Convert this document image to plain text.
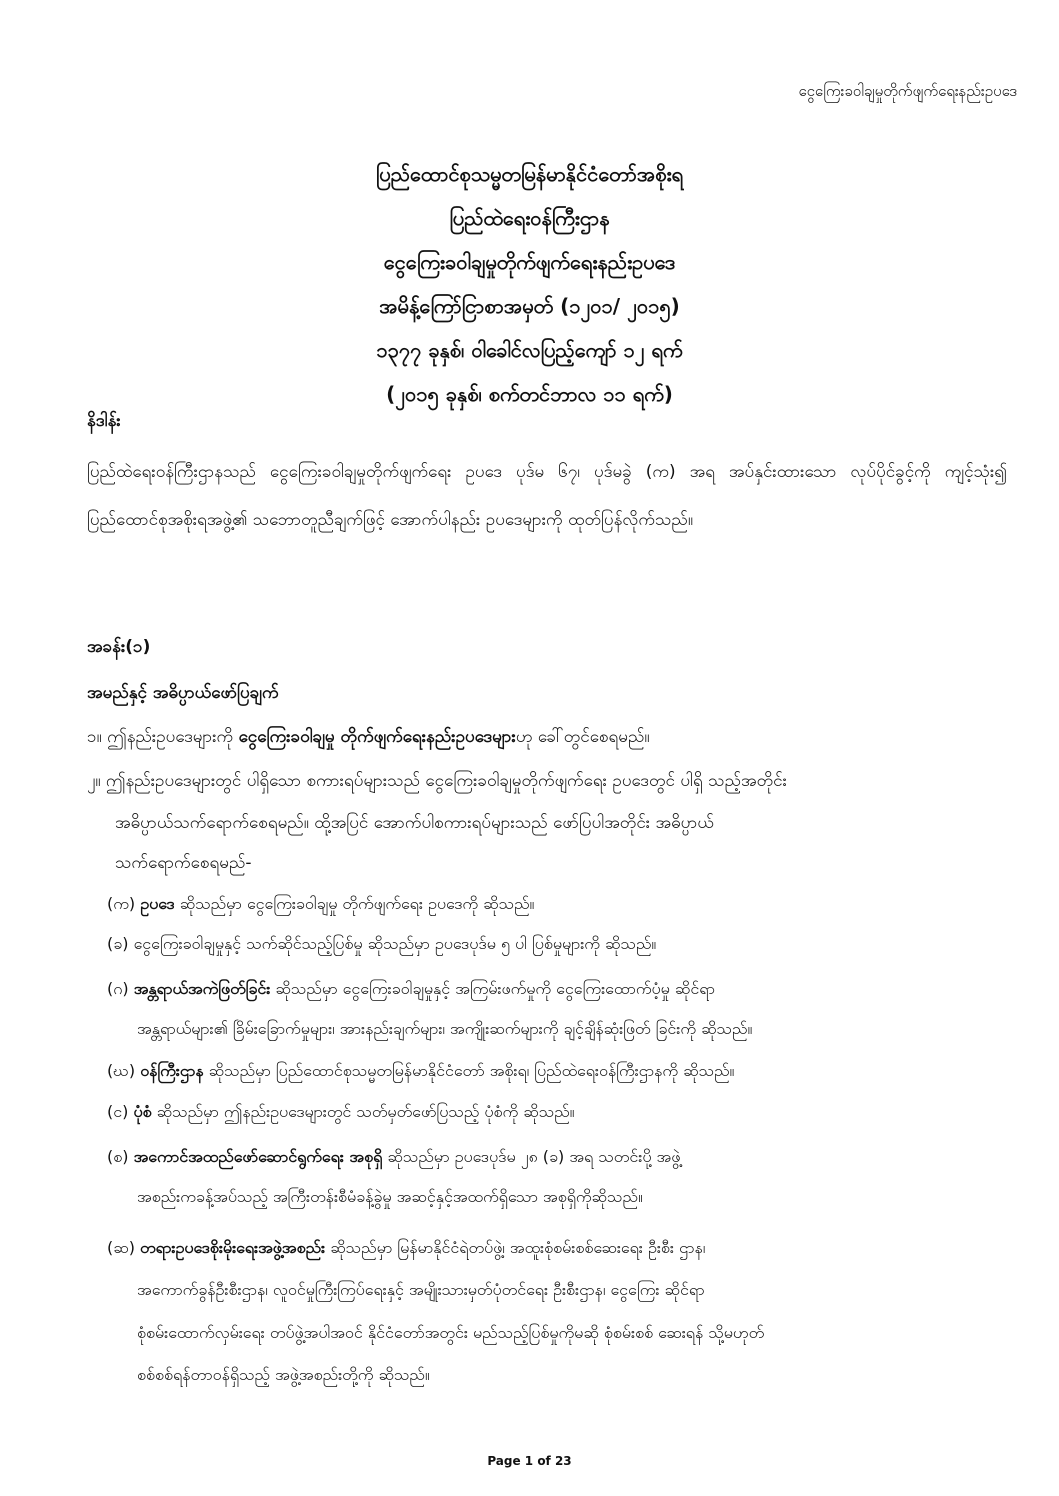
ငွေကြေးခဝါချမှုတိုက်ဖျက်ရေးနည်းဥပဒေ
ပြည်ထောင်စုသမ္မတမြန်မာနိုင်ငံတော်အစိုးရ
ပြည်ထဲရေးဝန်ကြီးဌာန
ငွေကြေးခဝါချမှုတိုက်ဖျက်ရေးနည်းဥပဒေ
အမိန့်ကြော်ငြာစာအမှတ် (၁၂၀၁/ ၂၀၁၅)
၁၃၇၇ ခုနှစ်၊ ဝါခေါင်လပြည့်ကျော် ၁၂ ရက်
(၂၀၁၅ ခုနှစ်၊ စက်တင်ဘာလ ၁၁ ရက်)
နိဒါန်း
ပြည်ထဲရေးဝန်ကြီးဌာနသည် ငွေကြေးခဝါချမှုတိုက်ဖျက်ရေး ဥပဒေ ပုဒ်မ ၆၇၊ ပုဒ်မခွဲ (က) အရ အပ်နှင်းထားသော လုပ်ပိုင်ခွင့်ကို ကျင့်သုံး၍ ပြည်ထောင်စုအစိုးရအဖွဲ့၏ သဘောတူညီချက်ဖြင့် အောက်ပါနည်း ဥပဒေများကို ထုတ်ပြန်လိုက်သည်။
အခန်း(၁)
အမည်နှင့် အဓိပ္ပာယ်ဖော်ပြချက်
၁။ ဤနည်းဥပဒေများကို ငွေကြေးခဝါချမှု တိုက်ဖျက်ရေးနည်းဥပဒေများဟု ခေါ်တွင်စေရမည်။
၂။ ဤနည်းဥပဒေများတွင် ပါရှိသော စကားရပ်များသည် ငွေကြေးခဝါချမှုတိုက်ဖျက်ရေး ဥပဒေတွင် ပါရှိ သည့်အတိုင်း
အဓိပ္ပာယ်သက်ရောက်စေရမည်။ ထို့အပြင် အောက်ပါစကားရပ်များသည် ဖော်ပြပါအတိုင်း အဓိပ္ပာယ်
သက်ရောက်စေရမည်-
(က) ဥပဒေ ဆိုသည်မှာ ငွေကြေးခဝါချမှု တိုက်ဖျက်ရေး ဥပဒေကို ဆိုသည်။
(ခ) ငွေကြေးခဝါချမှုနှင့် သက်ဆိုင်သည့်ပြစ်မှု ဆိုသည်မှာ ဥပဒေပုဒ်မ ၅ ပါ ပြစ်မှုများကို ဆိုသည်။
(ဂ) အန္တရာယ်အကဲဖြတ်ခြင်း ဆိုသည်မှာ ငွေကြေးခဝါချမှုနှင့် အကြမ်းဖက်မှုကို ငွေကြေးထောက်ပံ့မှု ဆိုင်ရာ
အန္တရာယ်များ၏ ခြိမ်းခြောက်မှုများ၊ အားနည်းချက်များ၊ အကျိုးဆက်များကို ချင့်ချိန်ဆုံးဖြတ် ခြင်းကို ဆိုသည်။
(ဃ) ဝန်ကြီးဌာန ဆိုသည်မှာ ပြည်ထောင်စုသမ္မတမြန်မာနိုင်ငံတော် အစိုးရ၊ ပြည်ထဲရေးဝန်ကြီးဌာနကို ဆိုသည်။
(င) ပုံစံ ဆိုသည်မှာ ဤနည်းဥပဒေများတွင် သတ်မှတ်ဖော်ပြသည့် ပုံစံကို ဆိုသည်။
(စ) အကောင်အထည်ဖော်ဆောင်ရွက်ရေး အစုရှိ ဆိုသည်မှာ ဥပဒေပုဒ်မ ၂၈ (ခ) အရ သတင်းပို့ အဖွဲ့
အစည်းကခန့်အပ်သည့် အကြီးတန်းစီမံခန့်ခွဲမှု အဆင့်နှင့်အထက်ရှိသော အစုရှိကိုဆိုသည်။
(ဆ) တရားဥပဒေစိုးမိုးရေးအဖွဲ့အစည်း ဆိုသည်မှာ မြန်မာနိုင်ငံရဲတပ်ဖွဲ့၊ အထူးစုံစမ်းစစ်ဆေးရေး ဦးစီး ဌာန၊
အကောက်ခွန်ဦးစီးဌာန၊ လူဝင်မှုကြီးကြပ်ရေးနှင့် အမျိုးသားမှတ်ပုံတင်ရေး ဦးစီးဌာန၊ ငွေကြေး ဆိုင်ရာ
စုံစမ်းထောက်လှမ်းရေး တပ်ဖွဲ့အပါအဝင် နိုင်ငံတော်အတွင်း မည်သည့်ပြစ်မှုကိုမဆို စုံစမ်းစစ် ဆေးရန် သို့မဟုတ်
စစ်စစ်ရန်တာဝန်ရှိသည့် အဖွဲ့အစည်းတို့ကို ဆိုသည်။
Page 1 of 23
